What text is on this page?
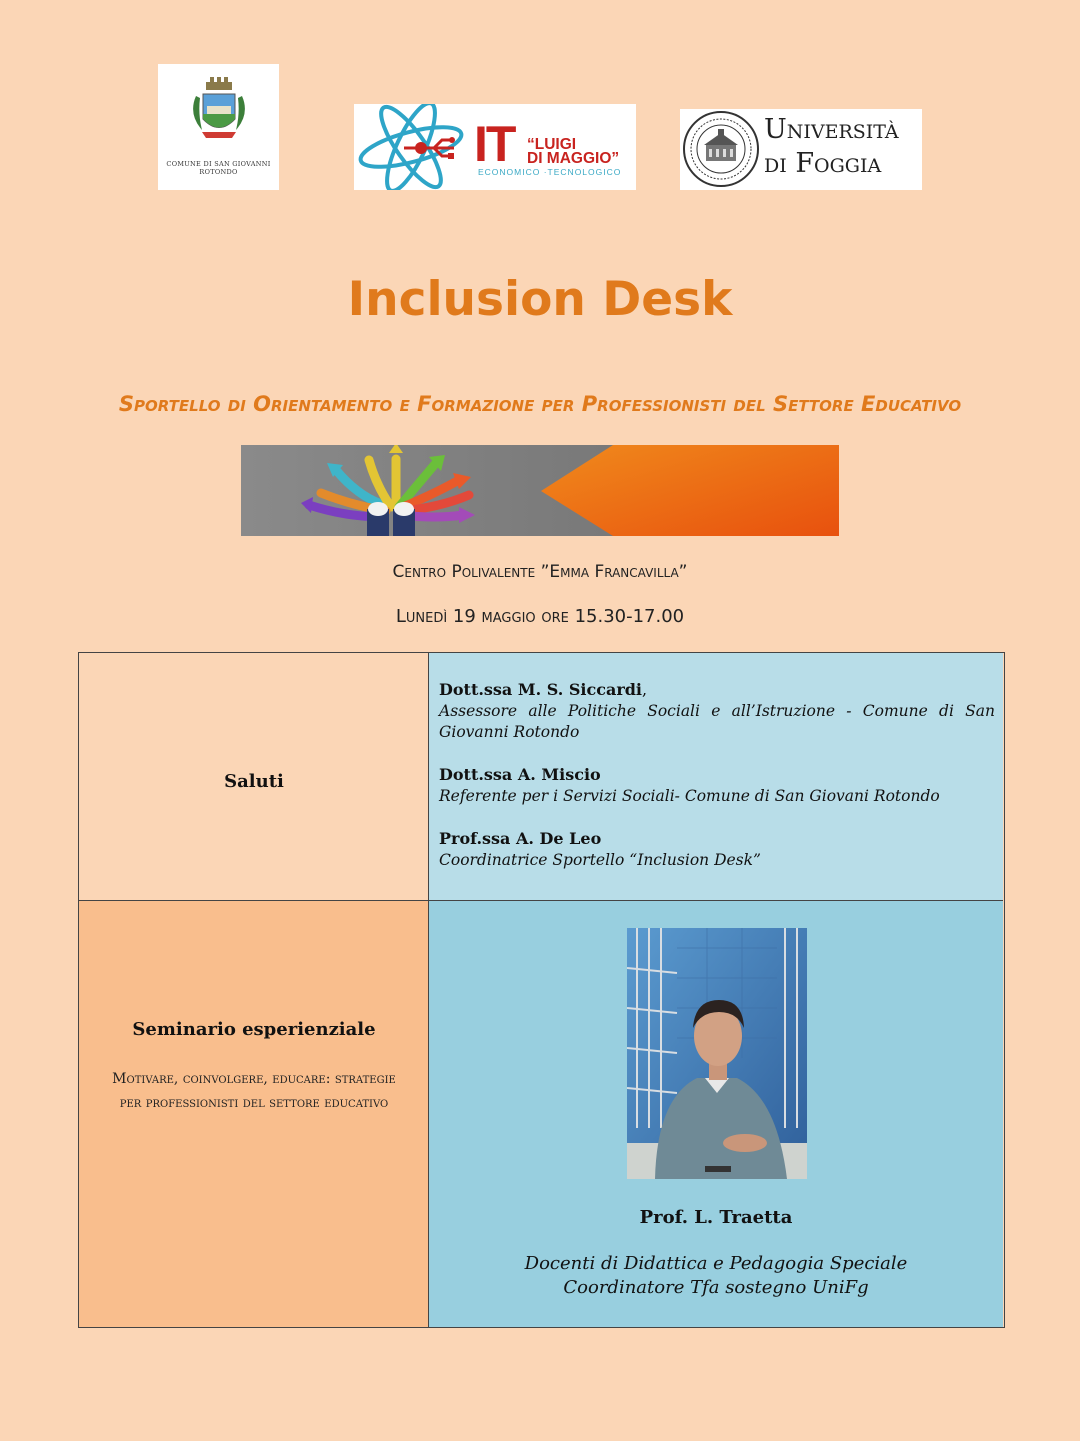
COMUNE DI SAN GIOVANNI
ROTONDO	IT “LUIGI
DI MAGGIO”
ECONOMICO ·TECNOLOGICO
Università
di Foggia
Inclusion Desk
Sportello di Orientamento e Formazione per Professionisti del Settore Educativo
Centro Polivalente ”Emma Francavilla”
Lunedì 19 maggio ore 15.30-17.00
Saluti
Dott.ssa M. S. Siccardi,
Assessore alle Politiche Sociali e all’Istruzione - Comune di San Giovanni Rotondo
Dott.ssa A. Miscio
Referente per i Servizi Sociali- Comune di San Giovani Rotondo
Prof.ssa A. De Leo
Coordinatrice Sportello “Inclusion Desk”
Seminario esperienziale
Motivare, coinvolgere, educare: strategie
per professionisti del settore educativo
Prof. L. Traetta
Docenti di Didattica e Pedagogia Speciale
Coordinatore Tfa sostegno UniFg
